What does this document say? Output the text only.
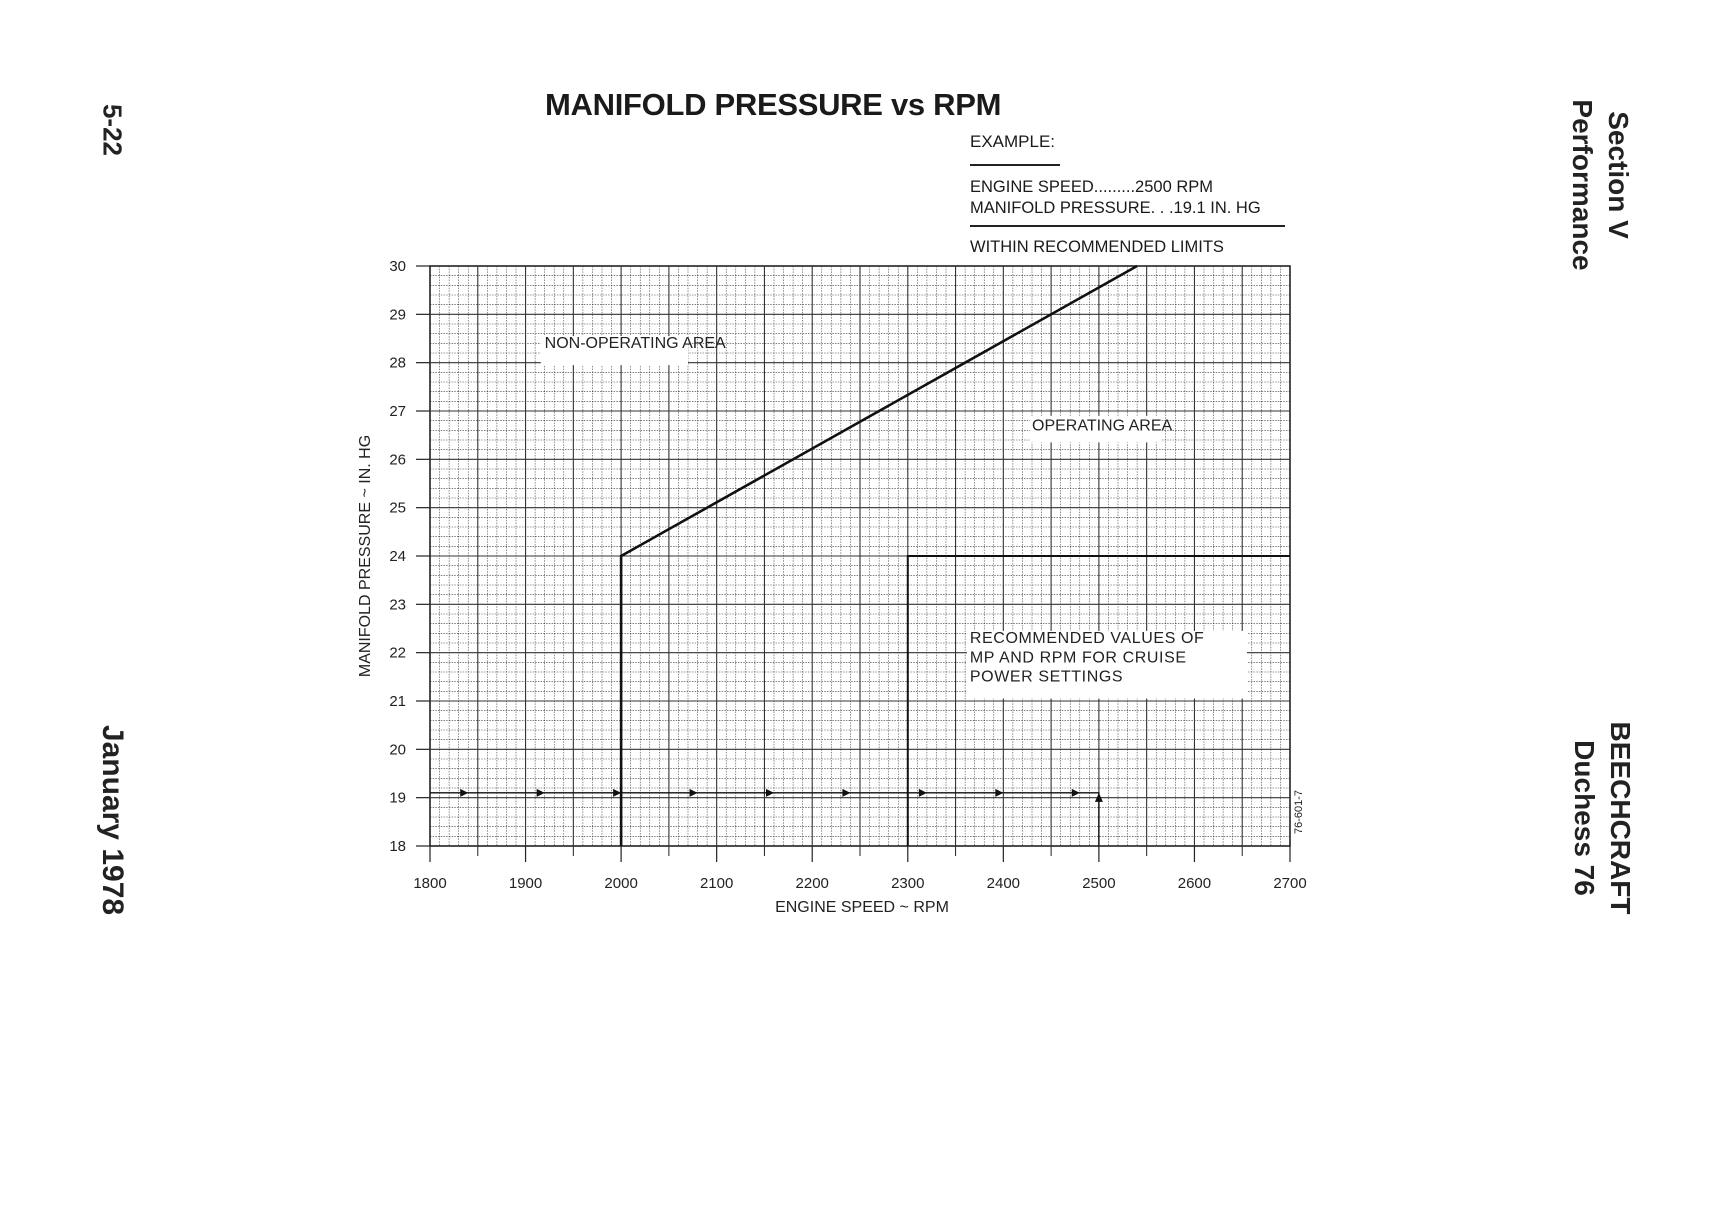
5-22
January 1978
Section V
Performance
BEECHCRAFT
Duchess 76
MANIFOLD PRESSURE vs RPM
EXAMPLE:
ENGINE SPEED.........2500 RPM
MANIFOLD PRESSURE. . .19.1 IN. HG
WITHIN RECOMMENDED LIMITS
18
19
20
21
22
23
24
25
26
27
28
29
30
1800	1900	2000	2100	2200	2300	2400	2500	2600	2700
NON-OPERATING AREA
OPERATING AREA
RECOMMENDED VALUES OF
MP AND RPM FOR CRUISE
POWER SETTINGS
ENGINE SPEED ~ RPM
MANIFOLD PRESSURE ~ IN. HG
76-601-7
